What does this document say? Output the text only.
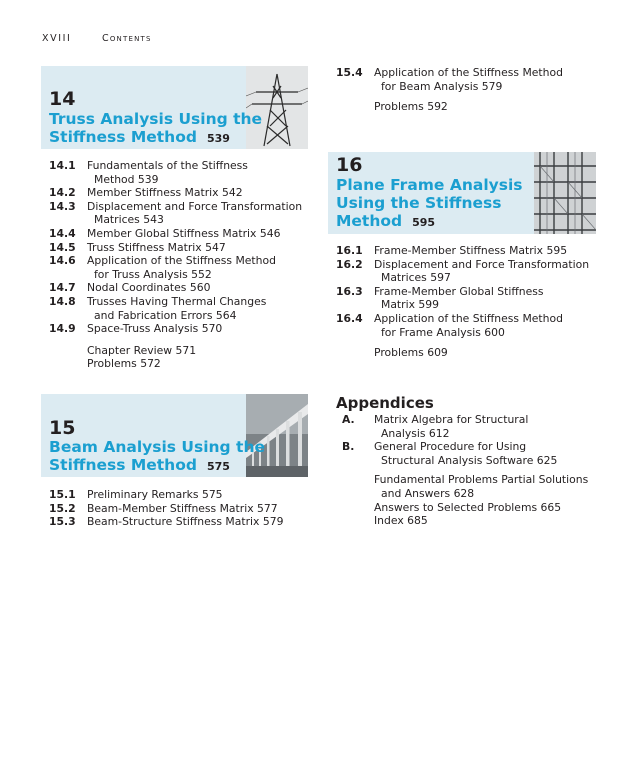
XVIII	Contents
14
Truss Analysis Using the
Stiffness Method 539
14.1 Fundamentals of the Stiffness
Method 539
14.2 Member Stiffness Matrix 542
14.3 Displacement and Force Transformation
Matrices 543
14.4 Member Global Stiffness Matrix 546
14.5 Truss Stiffness Matrix 547
14.6 Application of the Stiffness Method
for Truss Analysis 552
14.7 Nodal Coordinates 560
14.8 Trusses Having Thermal Changes
and Fabrication Errors 564
14.9 Space-Truss Analysis 570
Chapter Review 571
Problems 572
15
Beam Analysis Using the
Stiffness Method 575
15.1 Preliminary Remarks 575
15.2 Beam-Member Stiffness Matrix 577
15.3 Beam-Structure Stiffness Matrix 579
15.4 Application of the Stiffness Method
for Beam Analysis 579
Problems 592
16
Plane Frame Analysis
Using the Stiffness
Method 595
16.1 Frame-Member Stiffness Matrix 595
16.2 Displacement and Force Transformation
Matrices 597
16.3 Frame-Member Global Stiffness
Matrix 599
16.4 Application of the Stiffness Method
for Frame Analysis 600
Problems 609
Appendices
A. Matrix Algebra for Structural
Analysis 612
B. General Procedure for Using
Structural Analysis Software 625
Fundamental Problems Partial Solutions
and Answers 628
Answers to Selected Problems 665
Index 685
